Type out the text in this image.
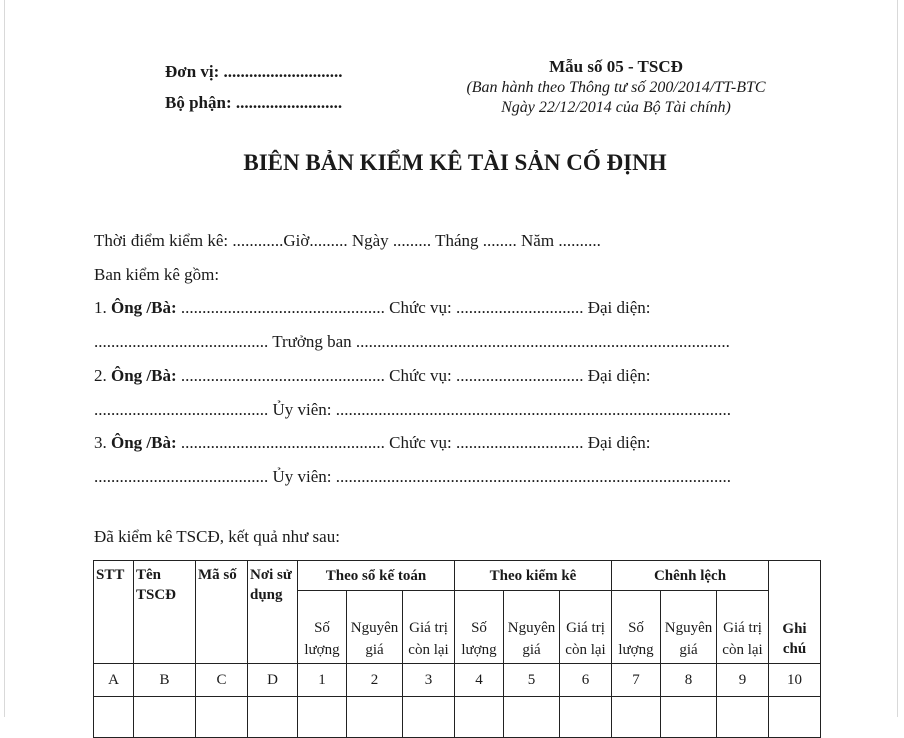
Đơn vị: ............................
Bộ phận: .........................
Mẫu số 05 - TSCĐ
(Ban hành theo Thông tư số 200/2014/TT-BTC
Ngày 22/12/2014 của Bộ Tài chính)
BIÊN BẢN KIỂM KÊ TÀI SẢN CỐ ĐỊNH
Thời điểm kiểm kê: ............Giờ......... Ngày ......... Tháng ........ Năm ..........
Ban kiểm kê gồm:
1. Ông /Bà: ................................................ Chức vụ: .............................. Đại diện:
......................................... Trưởng ban ........................................................................................
2. Ông /Bà: ................................................ Chức vụ: .............................. Đại diện:
......................................... Ủy viên: .............................................................................................
3. Ông /Bà: ................................................ Chức vụ: .............................. Đại diện:
......................................... Ủy viên: .............................................................................................
Đã kiểm kê TSCĐ, kết quả như sau:
STT	Tên TSCĐ	Mã số	Nơi sử dụng	Theo sổ kế toán			Theo kiểm kê			Chênh lệch			Ghi chú
				Số lượng	Nguyên giá	Giá trị còn lại	Số lượng	Nguyên giá	Giá trị còn lại	Số lượng	Nguyên giá	Giá trị còn lại	
A	B	C	D	1	2	3	4	5	6	7	8	9	10
